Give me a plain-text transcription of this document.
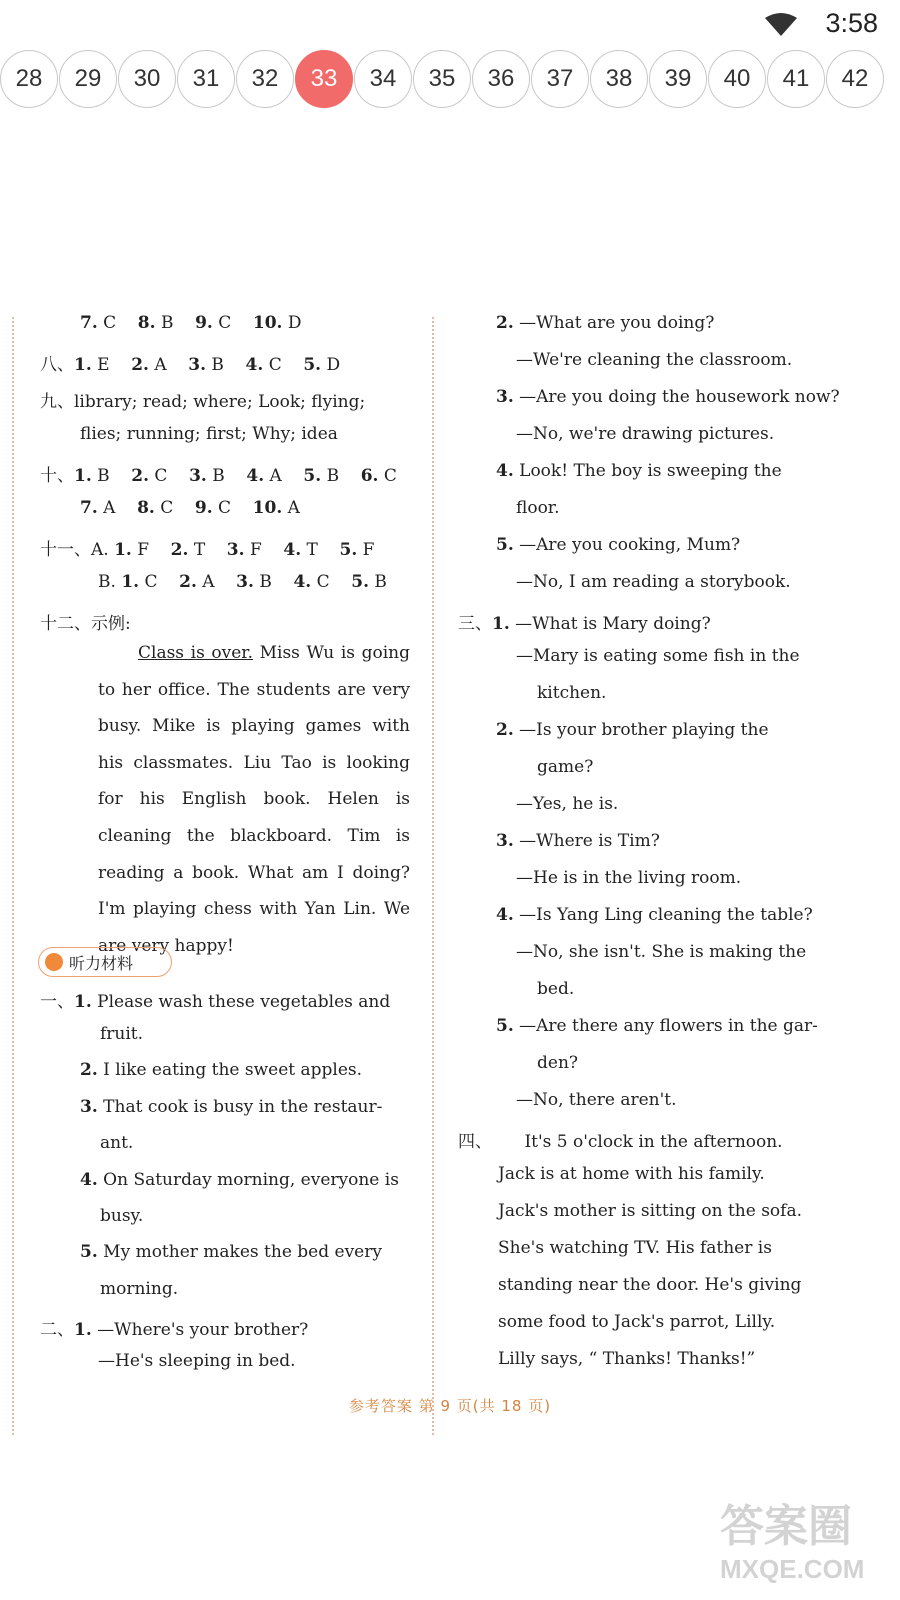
3:58
28	29	30	31	32	33	34	35	36	37	38	39	40	41	42
7. C 8. B 9. C 10. D
八、1. E 2. A 3. B 4. C 5. D
九、library; read; where; Look; flying;
flies; running; first; Why; idea
十、1. B 2. C 3. B 4. A 5. B 6. C
7. A 8. C 9. C 10. A
十一、A. 1. F 2. T 3. F 4. T 5. F
B. 1. C 2. A 3. B 4. C 5. B
十二、示例:
Class is over. Miss Wu is going to her office. The students are very busy. Mike is playing games with his classmates. Liu Tao is looking for his English book. Helen is cleaning the blackboard. Tim is reading a book. What am I doing? I'm playing chess with Yan Lin. We are very happy!
听力材料
一、1. Please wash these vegetables and
fruit.
2. I like eating the sweet apples.
3. That cook is busy in the restaur-
ant.
4. On Saturday morning, everyone is
busy.
5. My mother makes the bed every
morning.
二、1. —Where's your brother?
—He's sleeping in bed.
2. —What are you doing?
—We're cleaning the classroom.
3. —Are you doing the housework now?
—No, we're drawing pictures.
4. Look! The boy is sweeping the
floor.
5. —Are you cooking, Mum?
—No, I am reading a storybook.
三、1. —What is Mary doing?
—Mary is eating some fish in the
kitchen.
2. —Is your brother playing the
game?
—Yes, he is.
3. —Where is Tim?
—He is in the living room.
4. —Is Yang Ling cleaning the table?
—No, she isn't. She is making the
bed.
5. —Are there any flowers in the gar-
den?
—No, there aren't.
四、 It's 5 o'clock in the afternoon.
Jack is at home with his family.
Jack's mother is sitting on the sofa.
She's watching TV. His father is
standing near the door. He's giving
some food to Jack's parrot, Lilly.
Lilly says, “ Thanks! Thanks!”
参考答案 第 9 页(共 18 页)
答案圈
MXQE.COM
